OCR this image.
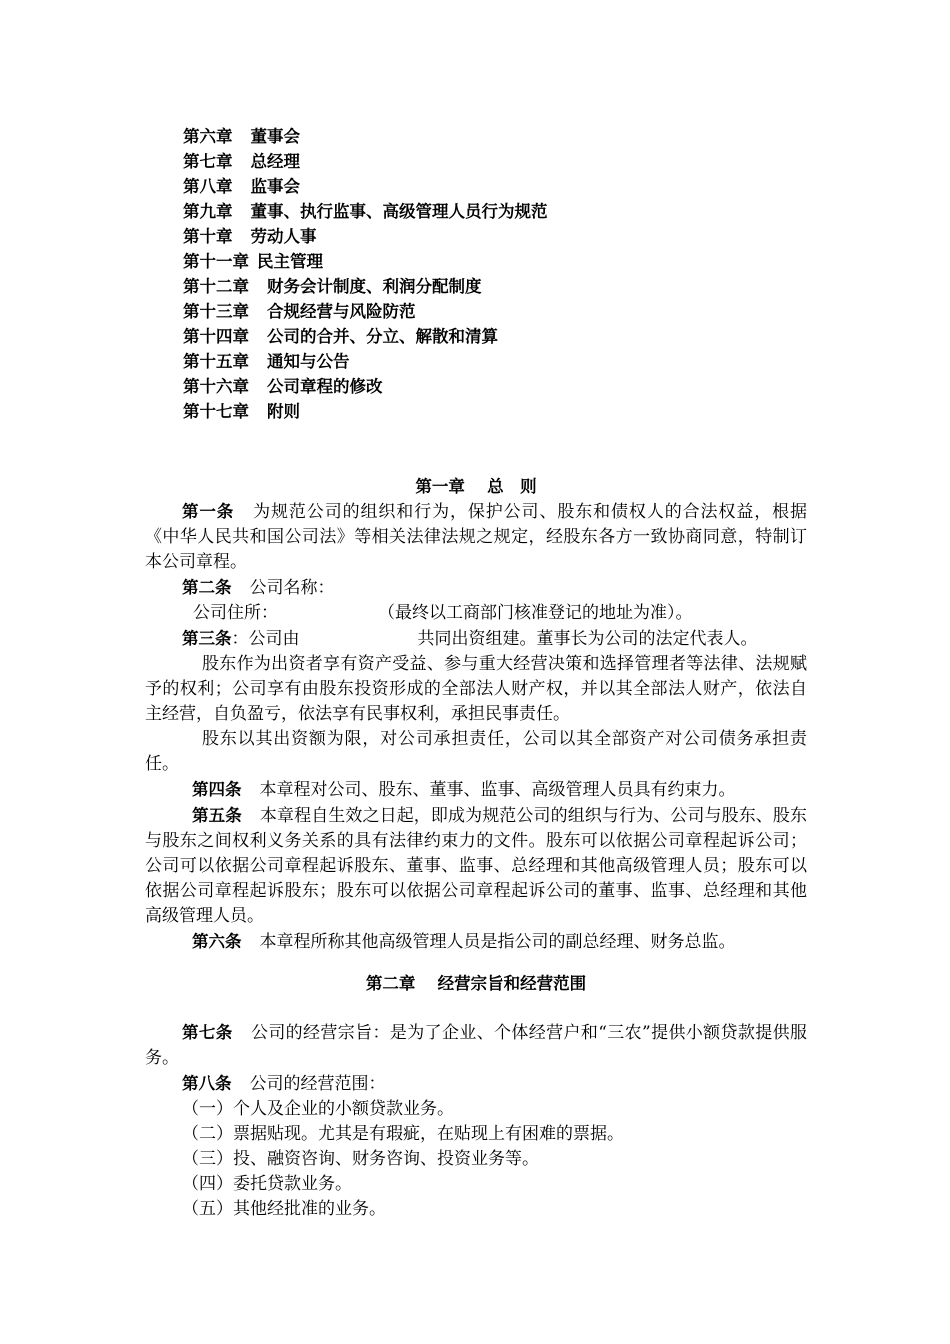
第六章 董事会
第七章 总经理
第八章 监事会
第九章 董事、执行监事、高级管理人员行为规范
第十章 劳动人事
第十一章 民主管理
第十二章 财务会计制度、利润分配制度
第十三章 合规经营与风险防范
第十四章 公司的合并、分立、解散和清算
第十五章 通知与公告
第十六章 公司章程的修改
第十七章 附则
第一章　 总　则

第一条 为规范公司的组织和行为，保护公司、股东和债权人的合法权益，根据《中华人民共和国公司法》等相关法律法规之规定，经股东各方一致协商同意，特制订本公司章程。

第二条 公司名称：

公司住所：	（最终以工商部门核准登记的地址为准）。

第三条：公司由	共同出资组建。董事长为公司的法定代表人。

股东作为出资者享有资产受益、参与重大经营决策和选择管理者等法律、法规赋予的权利；公司享有由股东投资形成的全部法人财产权，并以其全部法人财产，依法自主经营，自负盈亏，依法享有民事权利，承担民事责任。

股东以其出资额为限，对公司承担责任，公司以其全部资产对公司债务承担责任。

第四条 本章程对公司、股东、董事、监事、高级管理人员具有约束力。

第五条 本章程自生效之日起，即成为规范公司的组织与行为、公司与股东、股东与股东之间权利义务关系的具有法律约束力的文件。股东可以依据公司章程起诉公司；公司可以依据公司章程起诉股东、董事、监事、总经理和其他高级管理人员；股东可以依据公司章程起诉股东；股东可以依据公司章程起诉公司的董事、监事、总经理和其他高级管理人员。

第六条 本章程所称其他高级管理人员是指公司的副总经理、财务总监。

第二章　 经营宗旨和经营范围

第七条 公司的经营宗旨：是为了企业、个体经营户和“三农”提供小额贷款提供服务。

第八条 公司的经营范围：

（一）个人及企业的小额贷款业务。
（二）票据贴现。尤其是有瑕疵，在贴现上有困难的票据。
（三）投、融资咨询、财务咨询、投资业务等。
（四）委托贷款业务。
（五）其他经批准的业务。
